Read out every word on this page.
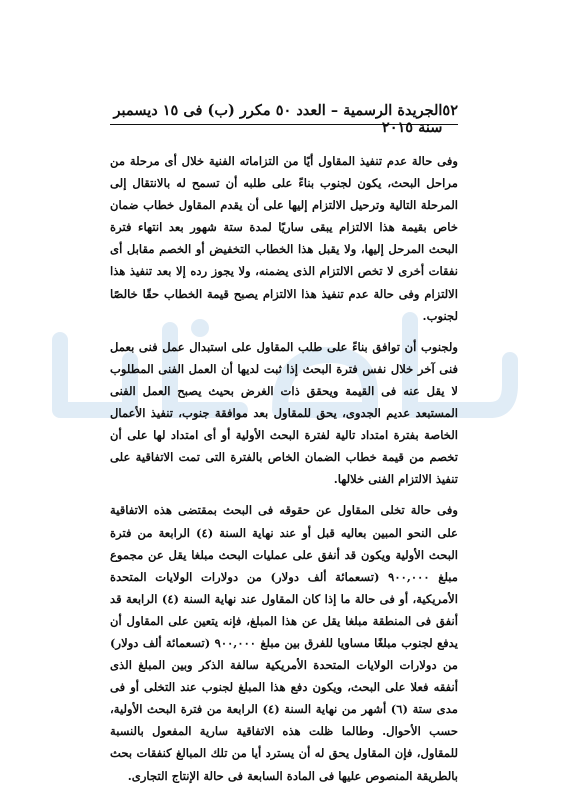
٥٢
الجريدة الرسمية – العدد ٥٠ مكرر (ب) فى ١٥ ديسمبر سنة ٢٠١٥

وفى حالة عدم تنفيذ المقاول أيًا من التزاماته الفنية خلال أى مرحلة من مراحل البحث، يكون لجنوب بناءً على طلبه أن تسمح له بالانتقال إلى المرحلة التالية وترحيل الالتزام إليها على أن يقدم المقاول خطاب ضمان خاص بقيمة هذا الالتزام يبقى ساريًا لمدة ستة شهور بعد انتهاء فترة البحث المرحل إليها، ولا يقبل هذا الخطاب التخفيض أو الخصم مقابل أى نفقات أخرى لا تخص الالتزام الذى يضمنه، ولا يجوز رده إلا بعد تنفيذ هذا الالتزام وفى حالة عدم تنفيذ هذا الالتزام يصبح قيمة الخطاب حقًا خالصًا لجنوب.

ولجنوب أن توافق بناءً على طلب المقاول على استبدال عمل فنى بعمل فنى آخر خلال نفس فترة البحث إذا ثبت لديها أن العمل الفنى المطلوب لا يقل عنه فى القيمة ويحقق ذات الغرض بحيث يصبح العمل الفنى المستبعد عديم الجدوى، يحق للمقاول بعد موافقة جنوب، تنفيذ الأعمال الخاصة بفترة امتداد تالية لفترة البحث الأولية أو أى امتداد لها على أن تخصم من قيمة خطاب الضمان الخاص بالفترة التى تمت الاتفاقية على تنفيذ الالتزام الفنى خلالها.

وفى حالة تخلى المقاول عن حقوقه فى البحث بمقتضى هذه الاتفاقية على النحو المبين بعاليه قبل أو عند نهاية السنة (٤) الرابعة من فترة البحث الأولية ويكون قد أنفق على عمليات البحث مبلغا يقل عن مجموع مبلغ ٩٠٠,٠٠٠ (تسعمائة ألف دولار) من دولارات الولايات المتحدة الأمريكية، أو فى حالة ما إذا كان المقاول عند نهاية السنة (٤) الرابعة قد أنفق فى المنطقة مبلغا يقل عن هذا المبلغ، فإنه يتعين على المقاول أن يدفع لجنوب مبلغًا مساويا للفرق بين مبلغ ٩٠٠,٠٠٠ (تسعمائة ألف دولار) من دولارات الولايات المتحدة الأمريكية سالفة الذكر وبين المبلغ الذى أنفقه فعلا على البحث، ويكون دفع هذا المبلغ لجنوب عند التخلى أو فى مدى ستة (٦) أشهر من نهاية السنة (٤) الرابعة من فترة البحث الأولية، حسب الأحوال. وطالما ظلت هذه الاتفاقية سارية المفعول بالنسبة للمقاول، فإن المقاول يحق له أن يسترد أيا من تلك المبالغ كنفقات بحث بالطريقة المنصوص عليها فى المادة السابعة فى حالة الإنتاج التجارى.
